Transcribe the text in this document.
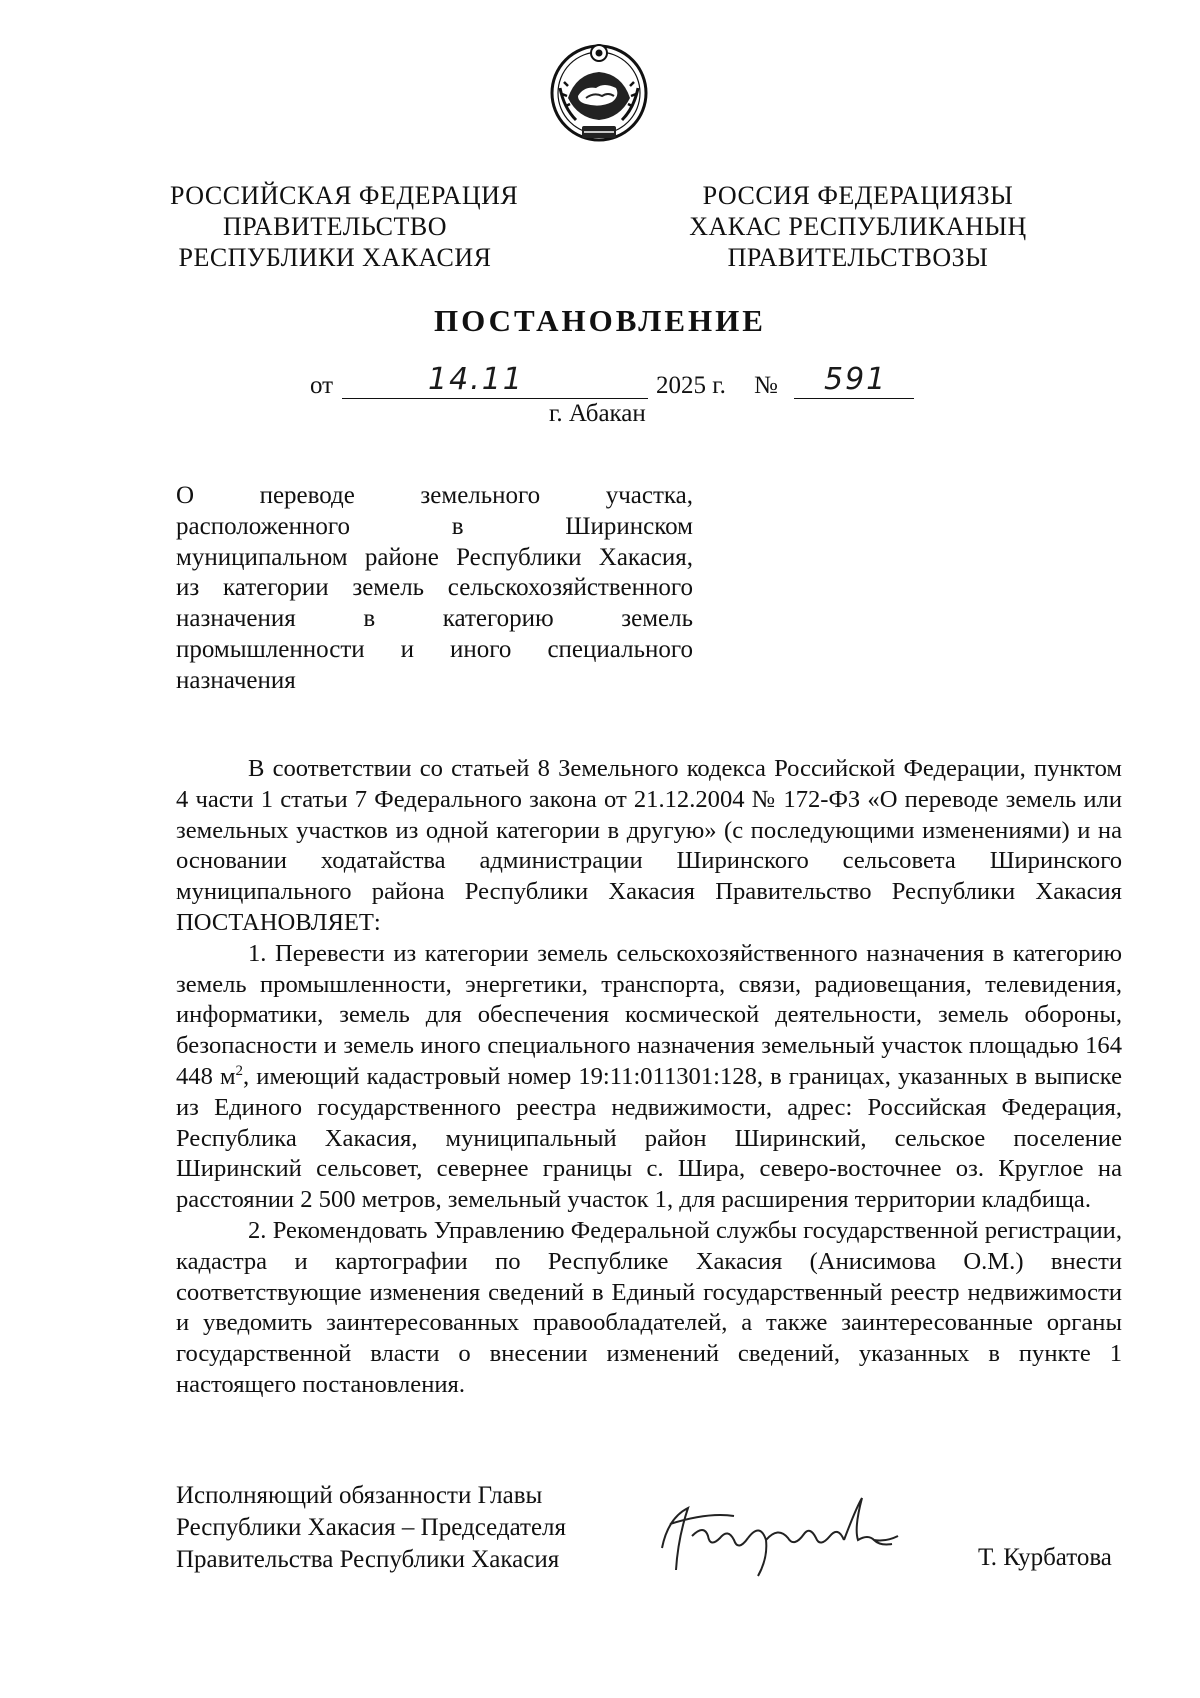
РОССИЙСКАЯ ФЕДЕРАЦИЯ
ПРАВИТЕЛЬСТВО
РЕСПУБЛИКИ ХАКАСИЯ
РОССИЯ ФЕДЕРАЦИЯЗЫ
ХАКАС РЕСПУБЛИКАНЫҢ
ПРАВИТЕЛЬСТВОЗЫ
ПОСТАНОВЛЕНИЕ
от	14.11	2025 г. № 591
г. Абакан
О переводе земельного участка,
расположенного в Ширинском
муниципальном районе Республики Хакасия,
из категории земель сельскохозяйственного
назначения в категорию земель
промышленности и иного специального
назначения

В соответствии со статьей 8 Земельного кодекса Российской Федерации, пунктом 4 части 1 статьи 7 Федерального закона от 21.12.2004 № 172-ФЗ «О переводе земель или земельных участков из одной категории в другую» (с последующими изменениями) и на основании ходатайства администрации Ширинского сельсовета Ширинского муниципального района Республики Хакасия Правительство Республики Хакасия ПОСТАНОВЛЯЕТ:

1. Перевести из категории земель сельскохозяйственного назначения в категорию земель промышленности, энергетики, транспорта, связи, радиовещания, телевидения, информатики, земель для обеспечения космической деятельности, земель обороны, безопасности и земель иного специального назначения земельный участок площадью 164 448 $м^2$, имеющий кадастровый номер 19:11:011301:128, в границах, указанных в выписке из Единого государственного реестра недвижимости, адрес: Российская Федерация, Республика Хакасия, муниципальный район Ширинский, сельское поселение Ширинский сельсовет, севернее границы с. Шира, северо-восточнее оз. Круглое на расстоянии 2 500 метров, земельный участок 1, для расширения территории кладбища.

2. Рекомендовать Управлению Федеральной службы государственной регистрации, кадастра и картографии по Республике Хакасия (Анисимова О.М.) внести соответствующие изменения сведений в Единый государственный реестр недвижимости и уведомить заинтересованных правообладателей, а также заинтересованные органы государственной власти о внесении изменений сведений, указанных в пункте 1 настоящего постановления.

Исполняющий обязанности Главы
Республики Хакасия – Председателя
Правительства Республики Хакасия	Т. Курбатова
